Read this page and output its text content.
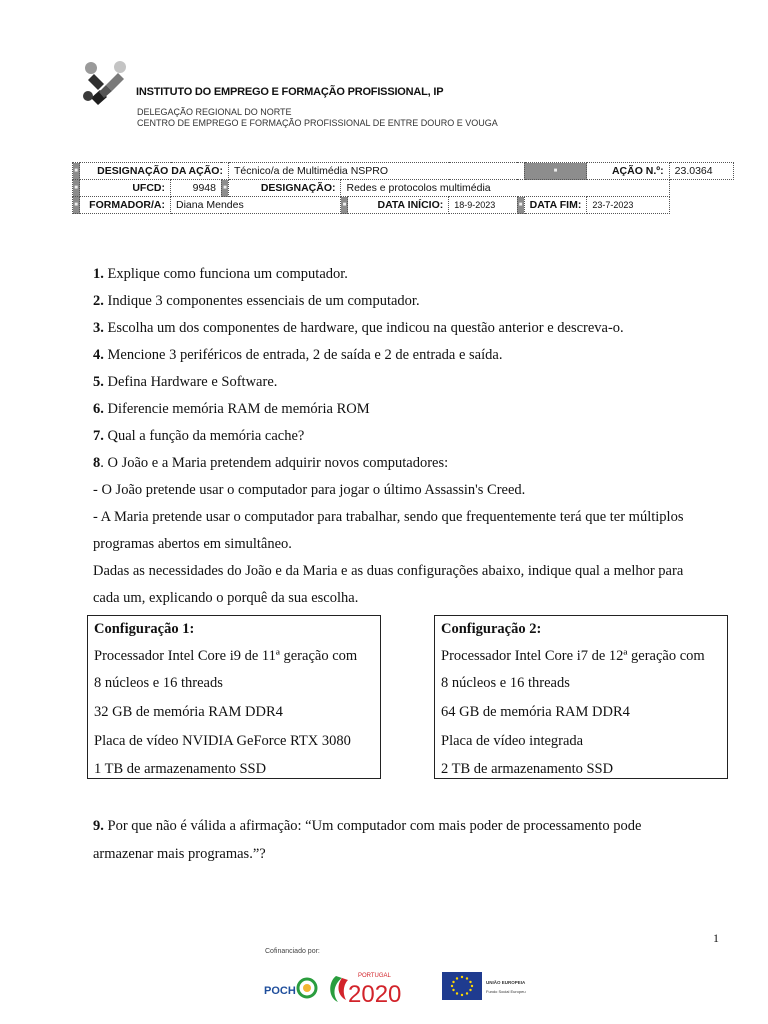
INSTITUTO DO EMPREGO E FORMAÇÃO PROFISSIONAL, IP
DELEGAÇÃO REGIONAL DO NORTE
CENTRO DE EMPREGO E FORMAÇÃO PROFISSIONAL DE ENTRE DOURO E VOUGA
■	DESIGNAÇÃO DA AÇÃO:			Técnico/a de Multimédia NSPRO					■	AÇÃO N.º:	23.0364
■	UFCD:	9948	■	DESIGNAÇÃO:	Redes e protocolos multimédia						
■	FORMADOR/A:	Diana Mendes			■	DATA INÍCIO:	18-9-2023	■	DATA FIM:	23-7-2023	
1. Explique como funciona um computador.
2. Indique 3 componentes essenciais de um computador.
3. Escolha um dos componentes de hardware, que indicou na questão anterior e descreva-o.
4. Mencione 3 periféricos de entrada, 2 de saída e 2 de entrada e saída.
5. Defina Hardware e Software.
6. Diferencie memória RAM de memória ROM
7. Qual a função da memória cache?
8. O João e a Maria pretendem adquirir novos computadores:
- O João pretende usar o computador para jogar o último Assassin's Creed.
- A Maria pretende usar o computador para trabalhar, sendo que frequentemente terá que ter múltiplos
programas abertos em simultâneo.
Dadas as necessidades do João e da Maria e as duas configurações abaixo, indique qual a melhor para
cada um, explicando o porquê da sua escolha.
Configuração 1:
Processador Intel Core i9 de 11ª geração com
8 núcleos e 16 threads
32 GB de memória RAM DDR4
Placa de vídeo NVIDIA GeForce RTX 3080
1 TB de armazenamento SSD
Configuração 2:
Processador Intel Core i7 de 12ª geração com
8 núcleos e 16 threads
64 GB de memória RAM DDR4
Placa de vídeo integrada
2 TB de armazenamento SSD
9. Por que não é válida a afirmação: “Um computador com mais poder de processamento pode
armazenar mais programas.”?
1
Cofinanciado por:
POCH
PORTUGAL
2020	UNIÃO EUROPEIA
Fundo Social Europeu
